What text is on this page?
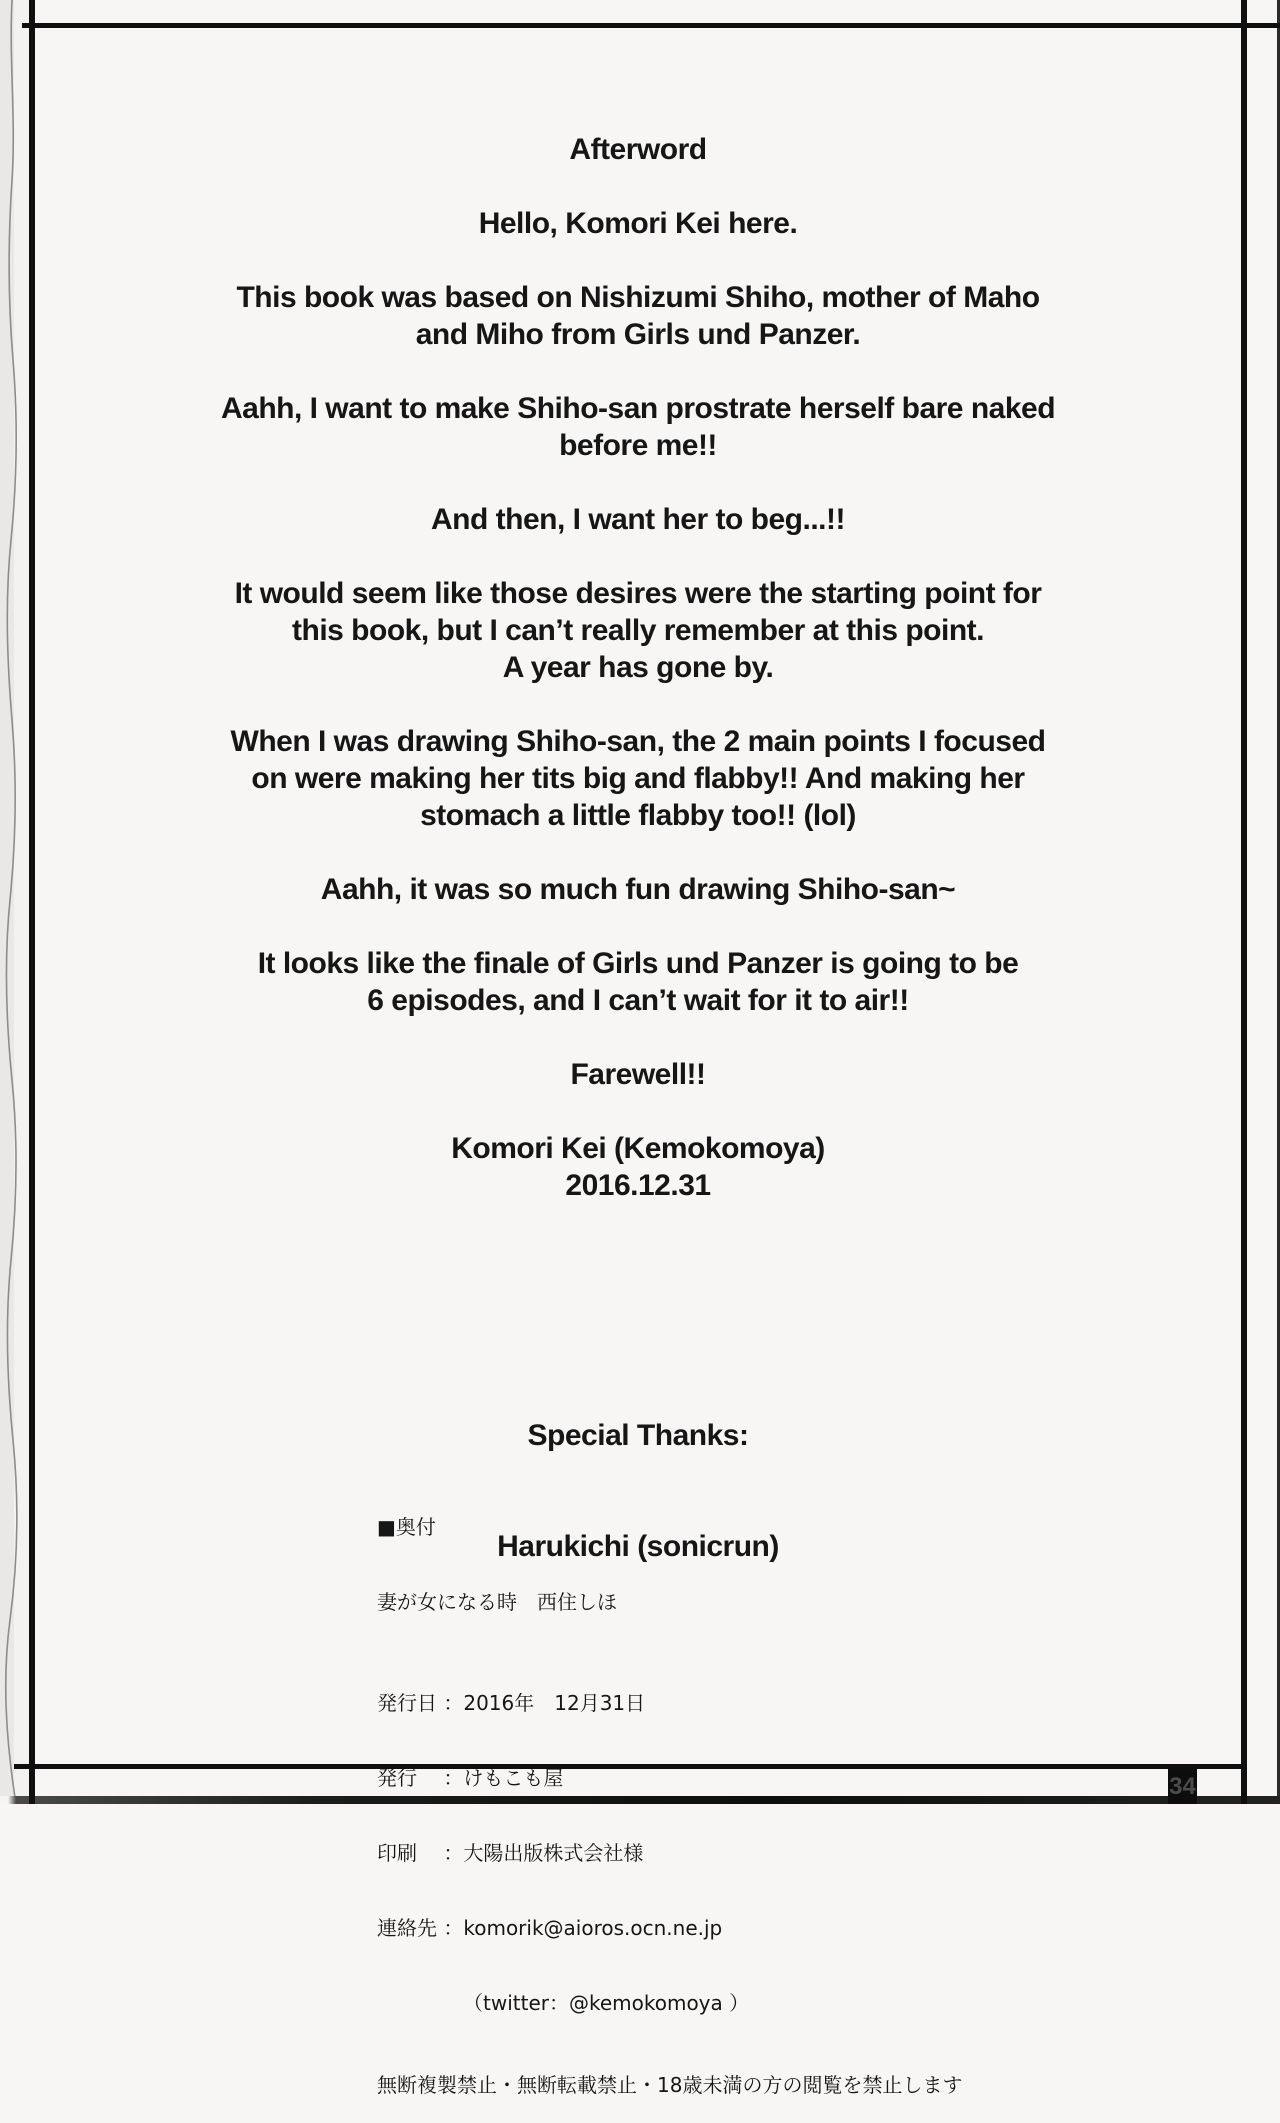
34
Afterword
Hello, Komori Kei here.
This book was based on Nishizumi Shiho, mother of Maho
and Miho from Girls und Panzer.
Aahh, I want to make Shiho-san prostrate herself bare naked
before me!!
And then, I want her to beg...!!
It would seem like those desires were the starting point for
this book, but I can’t really remember at this point.
A year has gone by.
When I was drawing Shiho-san, the 2 main points I focused
on were making her tits big and flabby!! And making her
stomach a little flabby too!! (lol)
Aahh, it was so much fun drawing Shiho-san~
It looks like the finale of Girls und Panzer is going to be
6 episodes, and I can’t wait for it to air!!
Farewell!!
Komori Kei (Kemokomoya)
2016.12.31

Special Thanks:

Harukichi (sonicrun)

■奥付

妻が女になる時　西住しほ

発行日 ：2016年　12月31日

発行　 ：けもこも屋

印刷　 ：大陽出版株式会社様

連絡先 ：komorik@aioros.ocn.ne.jp

（twitter：@kemokomoya ）

無断複製禁止・無断転載禁止・18歳未満の方の閲覧を禁止します
